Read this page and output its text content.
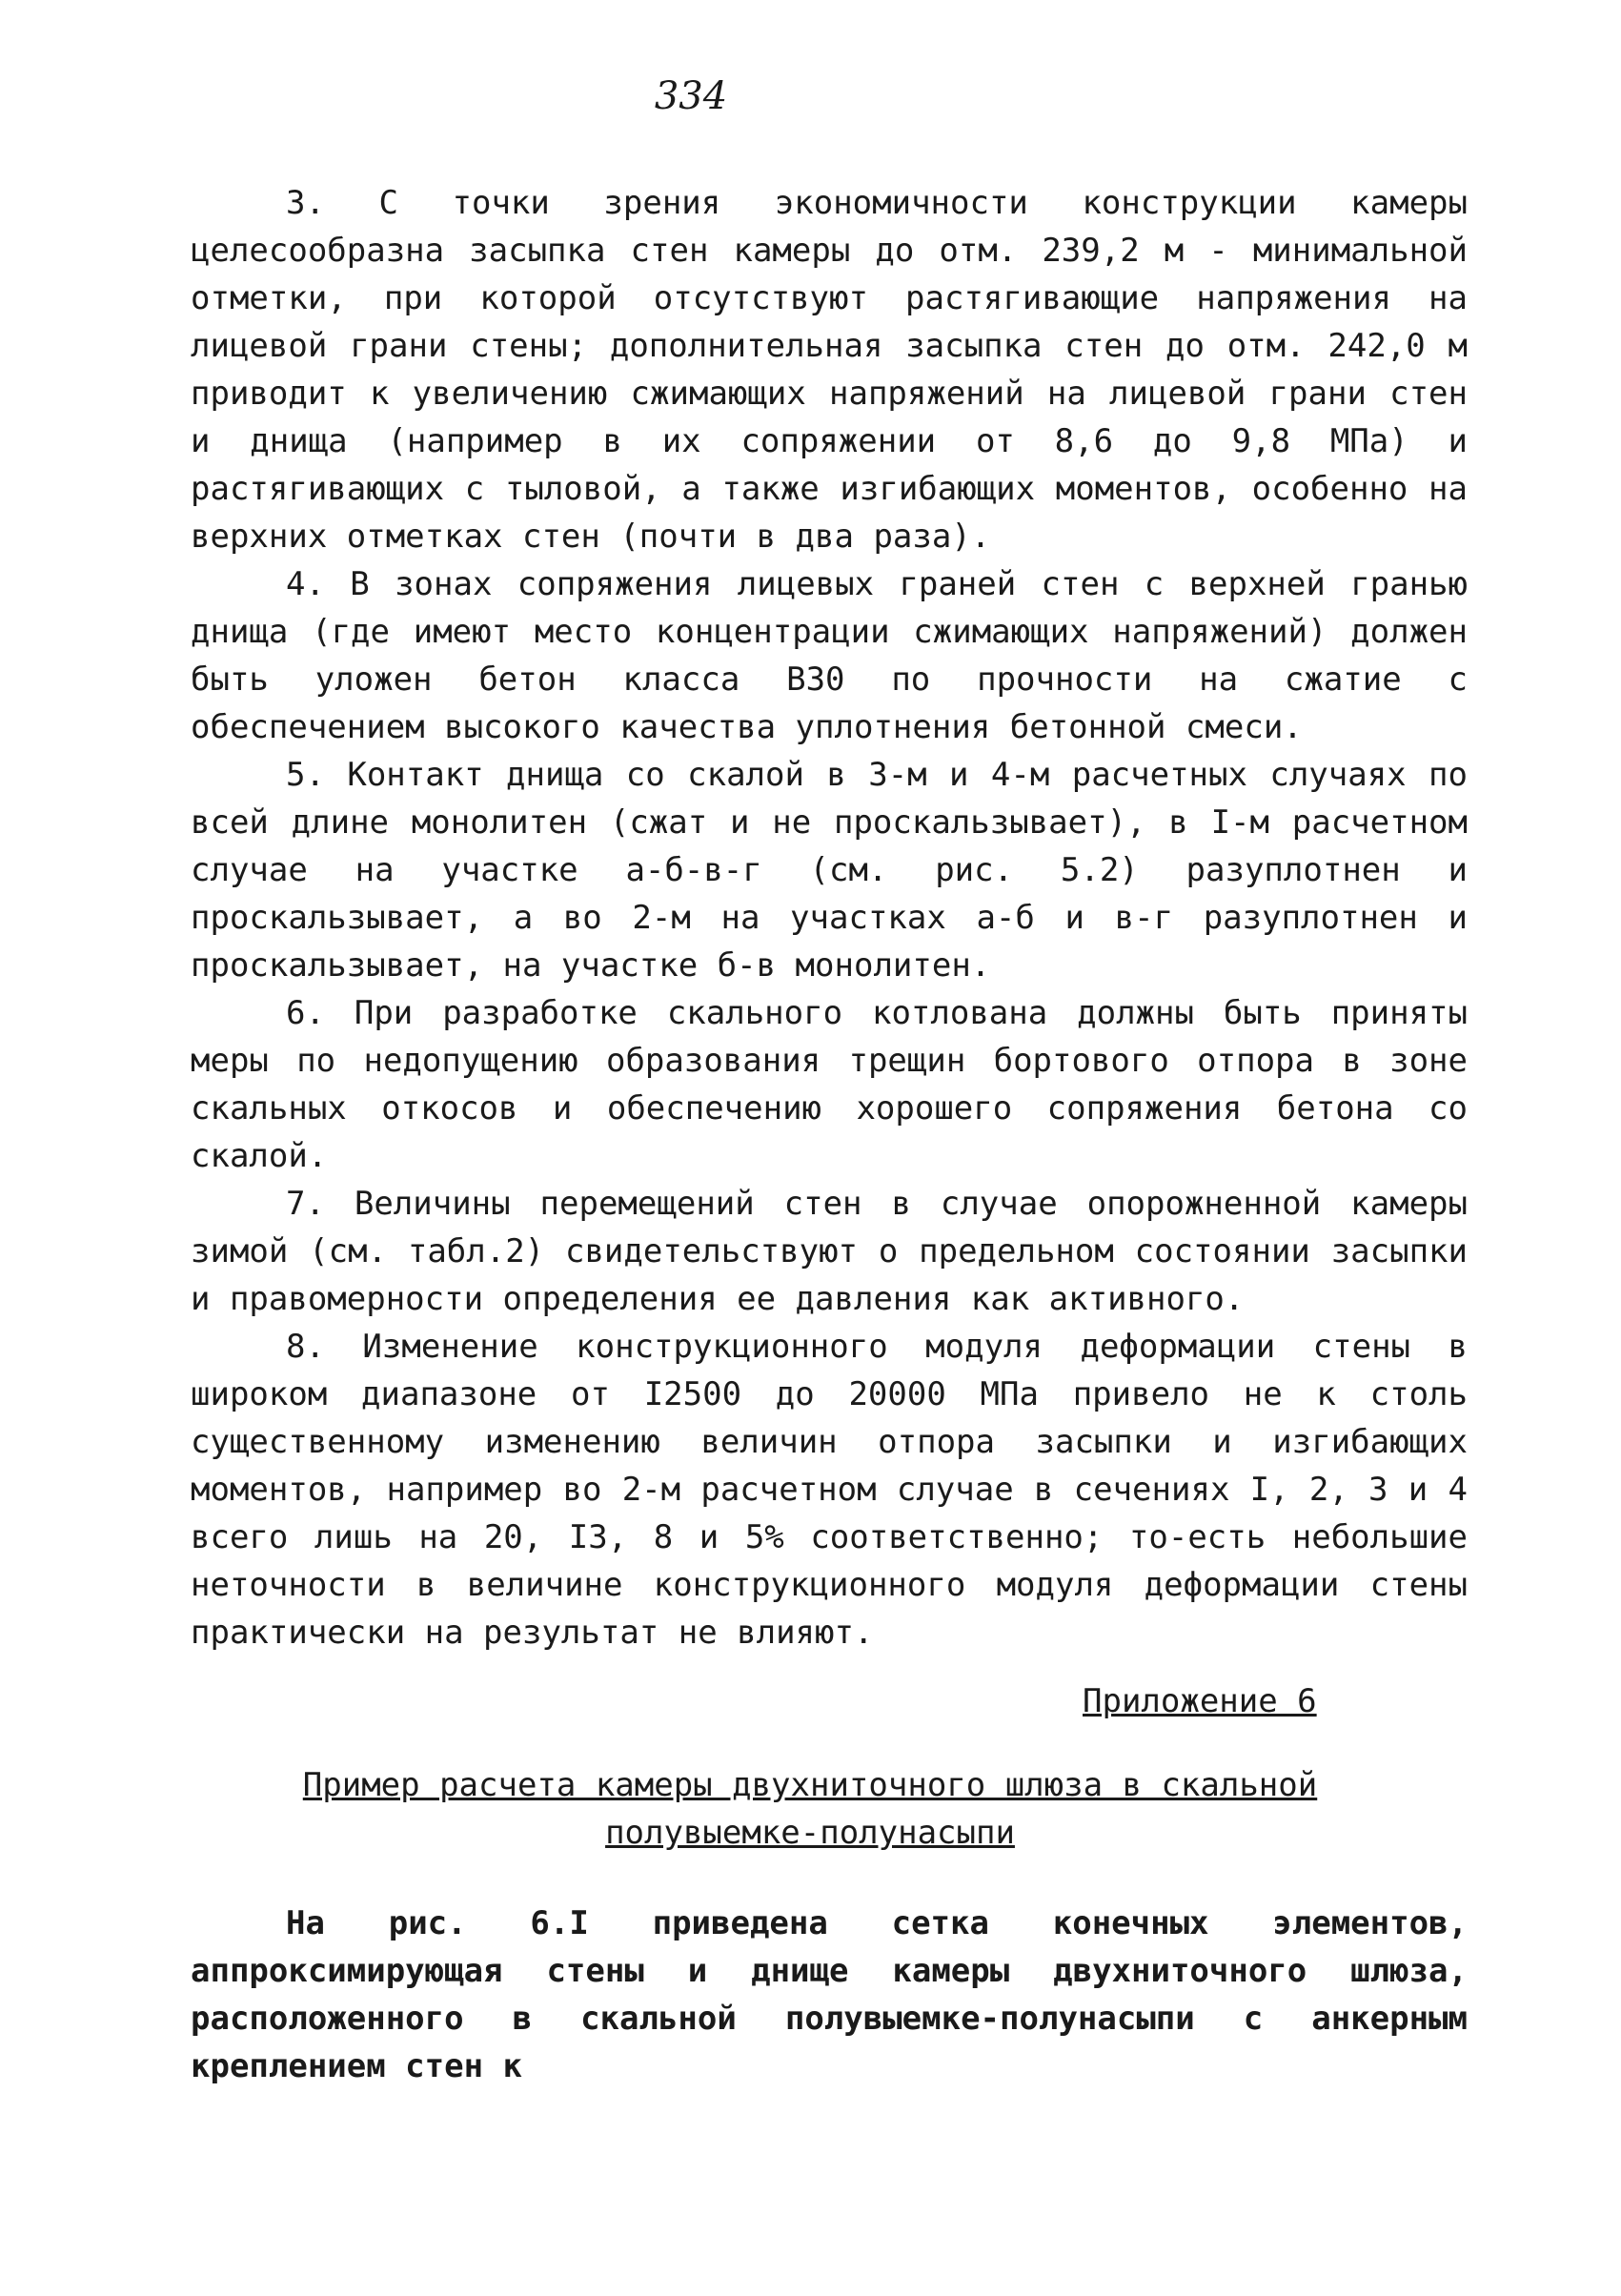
334

3. С точки зрения экономичности конструкции камеры целесообразна засыпка стен камеры до отм. 239,2 м - минимальной отметки, при которой отсутствуют растягивающие напряжения на лицевой грани стены; дополнительная засыпка стен до отм. 242,0 м приводит к увеличению сжимающих напряжений на лицевой грани стен и днища (например в их сопряжении от 8,6 до 9,8 МПа) и растягивающих с тыловой, а также изгибающих моментов, особенно на верхних отметках стен (почти в два раза).

4. В зонах сопряжения лицевых граней стен с верхней гранью днища (где имеют место концентрации сжимающих напряжений) должен быть уложен бетон класса В30 по прочности на сжатие с обеспечением высокого качества уплотнения бетонной смеси.

5. Контакт днища со скалой в 3-м и 4-м расчетных случаях по всей длине монолитен (сжат и не проскальзывает), в I-м расчетном случае на участке а-б-в-г (см. рис. 5.2) разуплотнен и проскальзывает, а во 2-м на участках а-б и в-г разуплотнен и проскальзывает, на участке б-в монолитен.

6. При разработке скального котлована должны быть приняты меры по недопущению образования трещин бортового отпора в зоне скальных откосов и обеспечению хорошего сопряжения бетона со скалой.

7. Величины перемещений стен в случае опорожненной камеры зимой (см. табл.2) свидетельствуют о предельном состоянии засыпки и правомерности определения ее давления как активного.

8. Изменение конструкционного модуля деформации стены в широком диапазоне от I2500 до 20000 МПа привело не к столь существенному изменению величин отпора засыпки и изгибающих моментов, например во 2-м расчетном случае в сечениях I, 2, 3 и 4 всего лишь на 20, I3, 8 и 5% соответственно; то-есть небольшие неточности в величине конструкционного модуля деформации стены практически на результат не влияют.

Приложение 6
Пример расчета камеры двухниточного шлюза в скальной
полувыемке-полунасыпи

На рис. 6.I приведена сетка конечных элементов, аппроксимирующая стены и днище камеры двухниточного шлюза, расположенного в скальной полувыемке-полунасыпи с анкерным креплением стен к
